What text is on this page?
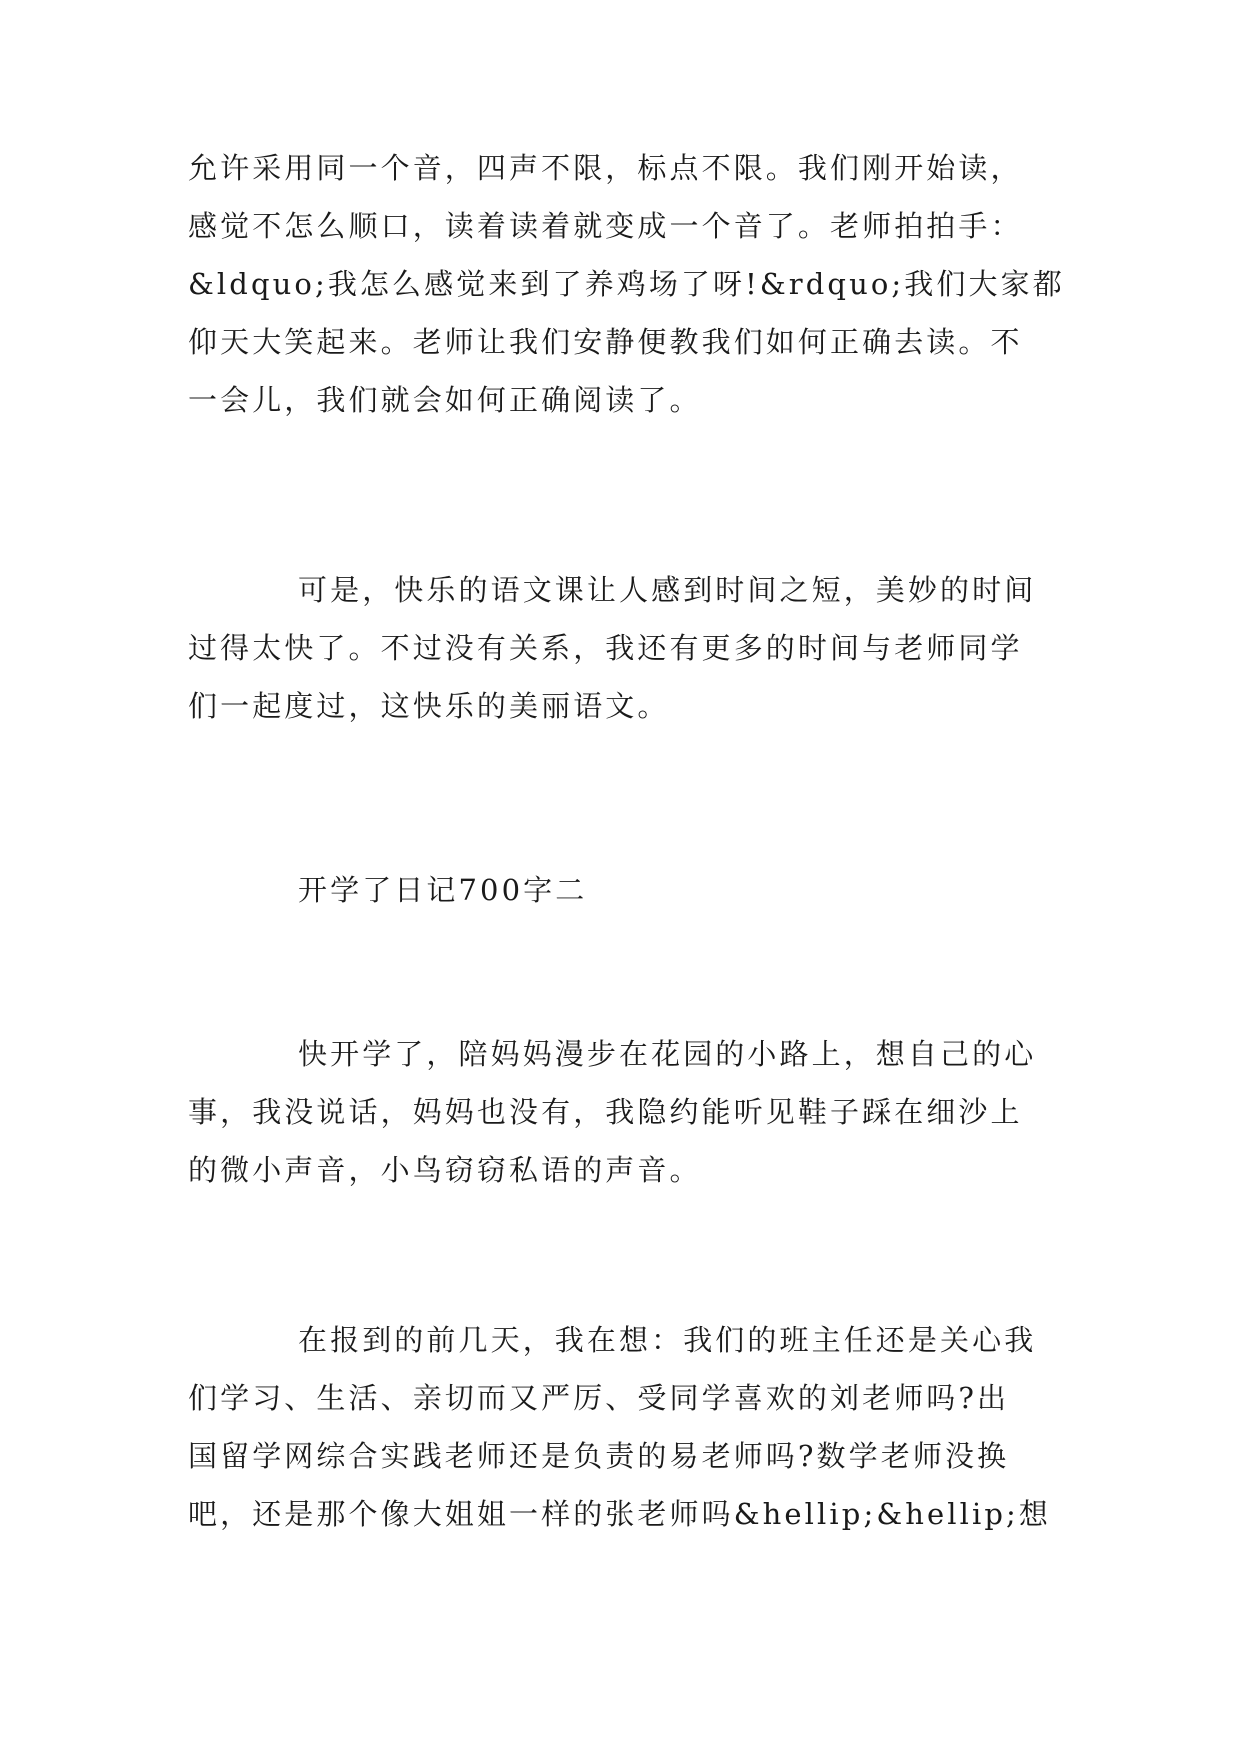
允许采用同一个音，四声不限，标点不限。我们刚开始读，
感觉不怎么顺口，读着读着就变成一个音了。老师拍拍手：
&ldquo;我怎么感觉来到了养鸡场了呀!&rdquo;我们大家都
仰天大笑起来。老师让我们安静便教我们如何正确去读。不
一会儿，我们就会如何正确阅读了。
可是，快乐的语文课让人感到时间之短，美妙的时间
过得太快了。不过没有关系，我还有更多的时间与老师同学
们一起度过，这快乐的美丽语文。
开学了日记700字二
快开学了，陪妈妈漫步在花园的小路上，想自己的心
事，我没说话，妈妈也没有，我隐约能听见鞋子踩在细沙上
的微小声音，小鸟窃窃私语的声音。
在报到的前几天，我在想：我们的班主任还是关心我
们学习、生活、亲切而又严厉、受同学喜欢的刘老师吗?出
国留学网综合实践老师还是负责的易老师吗?数学老师没换
吧，还是那个像大姐姐一样的张老师吗&hellip;&hellip;想
